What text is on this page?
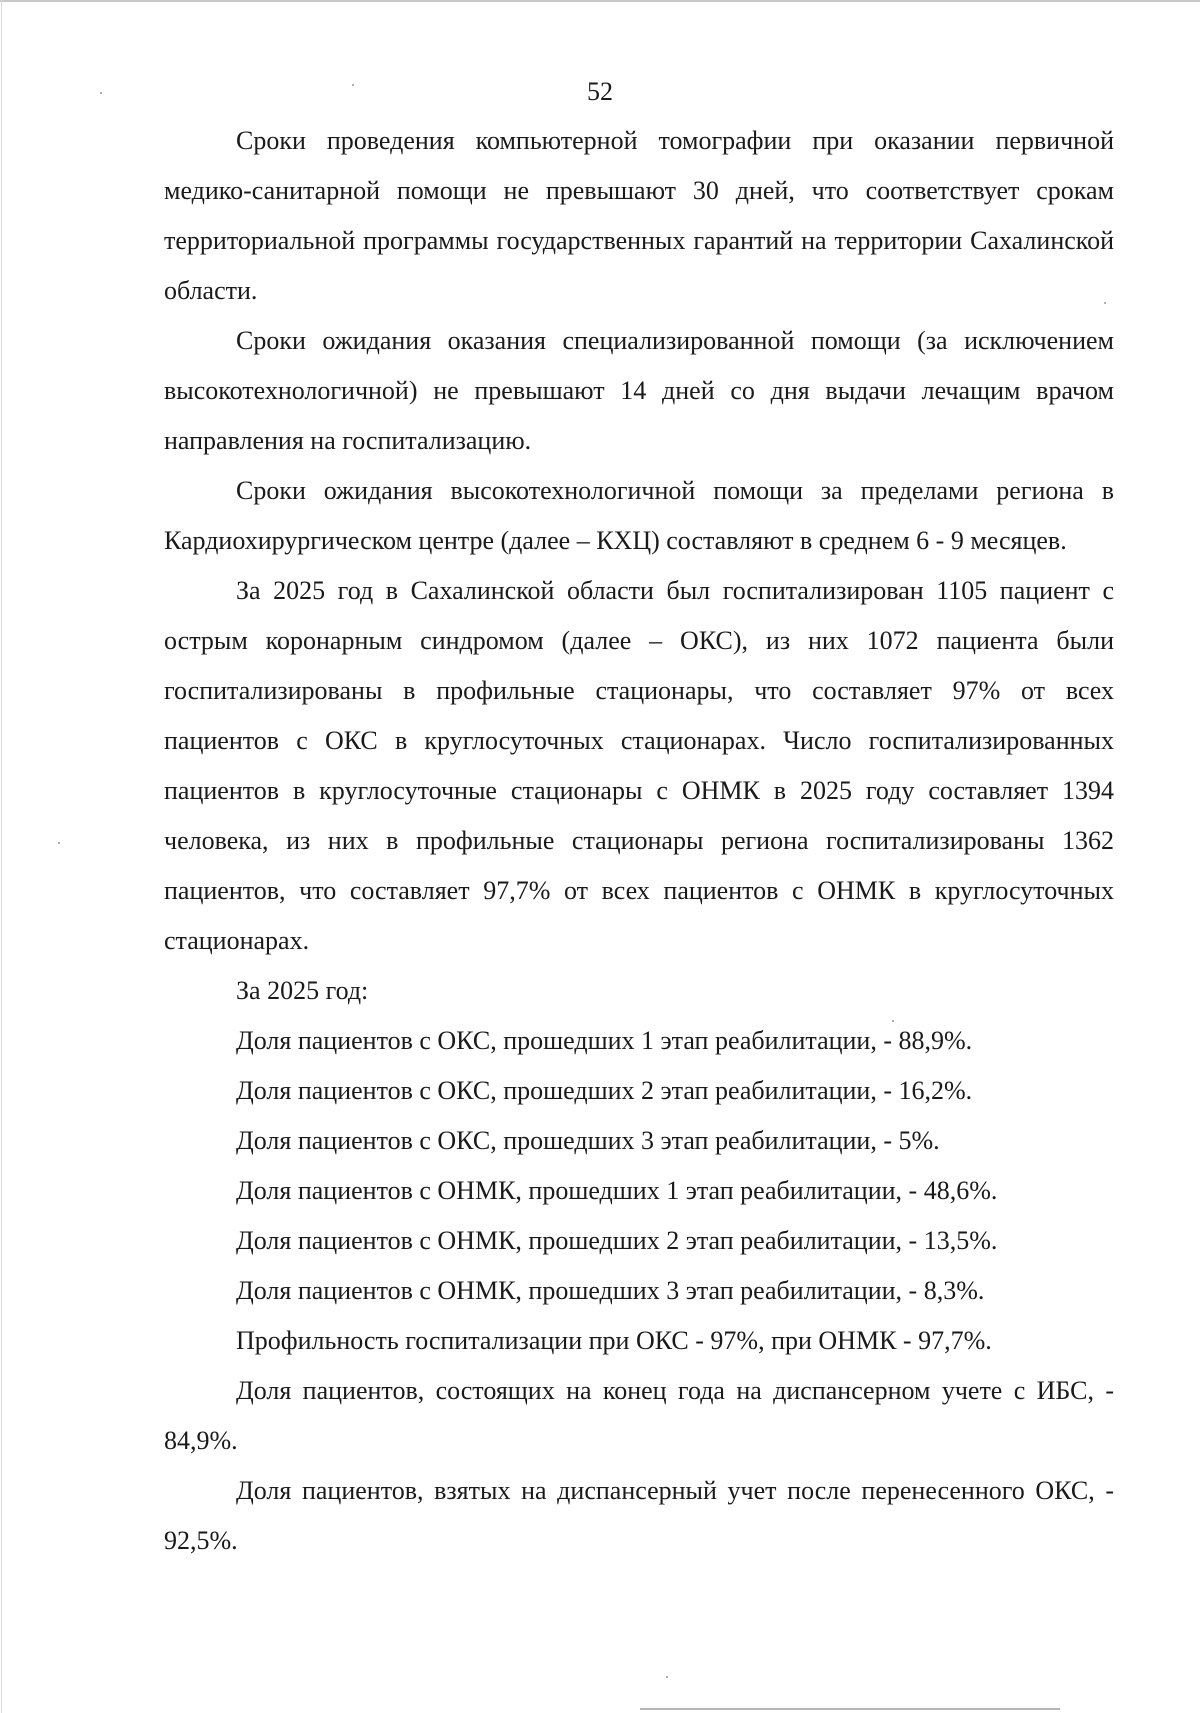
52

Сроки проведения компьютерной томографии при оказании первичной медико-санитарной помощи не превышают 30 дней, что соответствует срокам территориальной программы государственных гарантий на территории Сахалинской области.

Сроки ожидания оказания специализированной помощи (за исключением высокотехнологичной) не превышают 14 дней со дня выдачи лечащим врачом направления на госпитализацию.

Сроки ожидания высокотехнологичной помощи за пределами региона в Кардиохирургическом центре (далее – КХЦ) составляют в среднем 6 - 9 месяцев.

За 2025 год в Сахалинской области был госпитализирован 1105 пациент с острым коронарным синдромом (далее – ОКС), из них 1072 пациента были госпитализированы в профильные стационары, что составляет 97% от всех пациентов с ОКС в круглосуточных стационарах. Число госпитализированных пациентов в круглосуточные стационары с ОНМК в 2025 году составляет 1394 человека, из них в профильные стационары региона госпитализированы 1362 пациентов, что составляет 97,7% от всех пациентов с ОНМК в круглосуточных стационарах.

За 2025 год:

Доля пациентов с ОКС, прошедших 1 этап реабилитации, - 88,9%.

Доля пациентов с ОКС, прошедших 2 этап реабилитации, - 16,2%.

Доля пациентов с ОКС, прошедших 3 этап реабилитации, - 5%.

Доля пациентов с ОНМК, прошедших 1 этап реабилитации, - 48,6%.

Доля пациентов с ОНМК, прошедших 2 этап реабилитации, - 13,5%.

Доля пациентов с ОНМК, прошедших 3 этап реабилитации, - 8,3%.

Профильность госпитализации при ОКС - 97%, при ОНМК - 97,7%.

Доля пациентов, состоящих на конец года на диспансерном учете с ИБС, - 84,9%.

Доля пациентов, взятых на диспансерный учет после перенесенного ОКС, - 92,5%.
